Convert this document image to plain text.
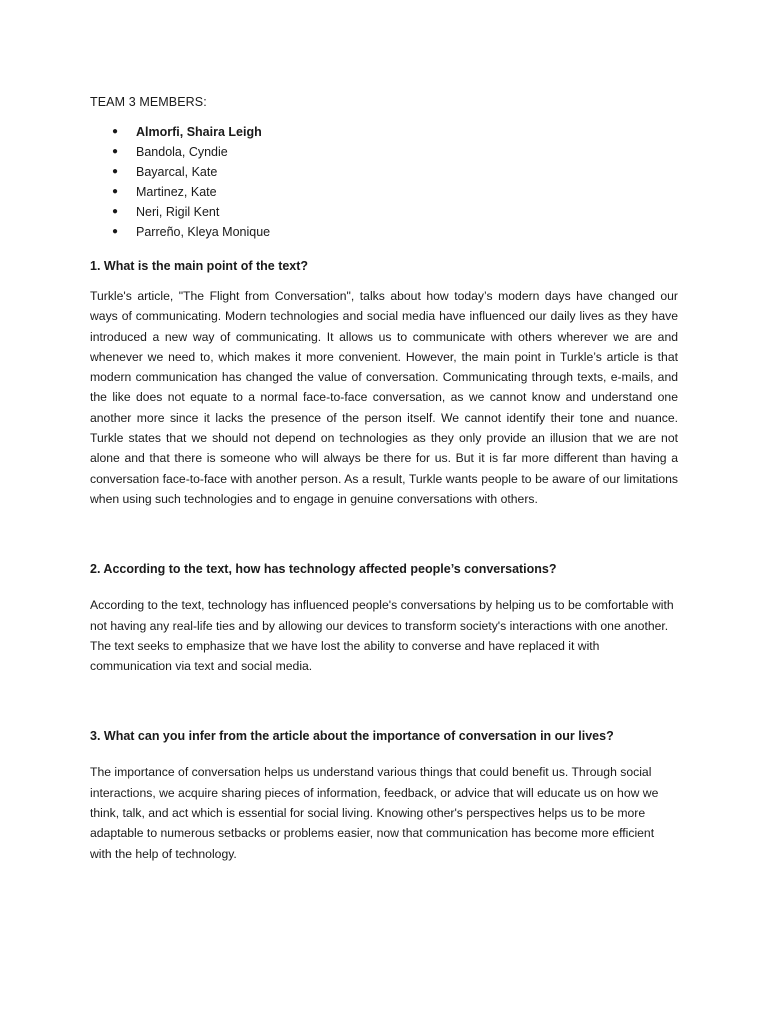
TEAM 3 MEMBERS:

● Almorfi, Shaira Leigh
● Bandola, Cyndie
● Bayarcal, Kate
● Martinez, Kate
● Neri, Rigil Kent
● Parreño, Kleya Monique

1. What is the main point of the text?

Turkle's article, "The Flight from Conversation", talks about how today’s modern days have changed our ways of communicating. Modern technologies and social media have influenced our daily lives as they have introduced a new way of communicating. It allows us to communicate with others wherever we are and whenever we need to, which makes it more convenient. However, the main point in Turkle’s article is that modern communication has changed the value of conversation. Communicating through texts, e-mails, and the like does not equate to a normal face-to-face conversation, as we cannot know and understand one another more since it lacks the presence of the person itself. We cannot identify their tone and nuance. Turkle states that we should not depend on technologies as they only provide an illusion that we are not alone and that there is someone who will always be there for us. But it is far more different than having a conversation face-to-face with another person. As a result, Turkle wants people to be aware of our limitations when using such technologies and to engage in genuine conversations with others.

2. According to the text, how has technology affected people’s conversations?

According to the text, technology has influenced people's conversations by helping us to be comfortable with not having any real-life ties and by allowing our devices to transform society's interactions with one another. The text seeks to emphasize that we have lost the ability to converse and have replaced it with communication via text and social media.

3. What can you infer from the article about the importance of conversation in our lives?

The importance of conversation helps us understand various things that could benefit us. Through social interactions, we acquire sharing pieces of information, feedback, or advice that will educate us on how we think, talk, and act which is essential for social living. Knowing other's perspectives helps us to be more adaptable to numerous setbacks or problems easier, now that communication has become more efficient with the help of technology.
